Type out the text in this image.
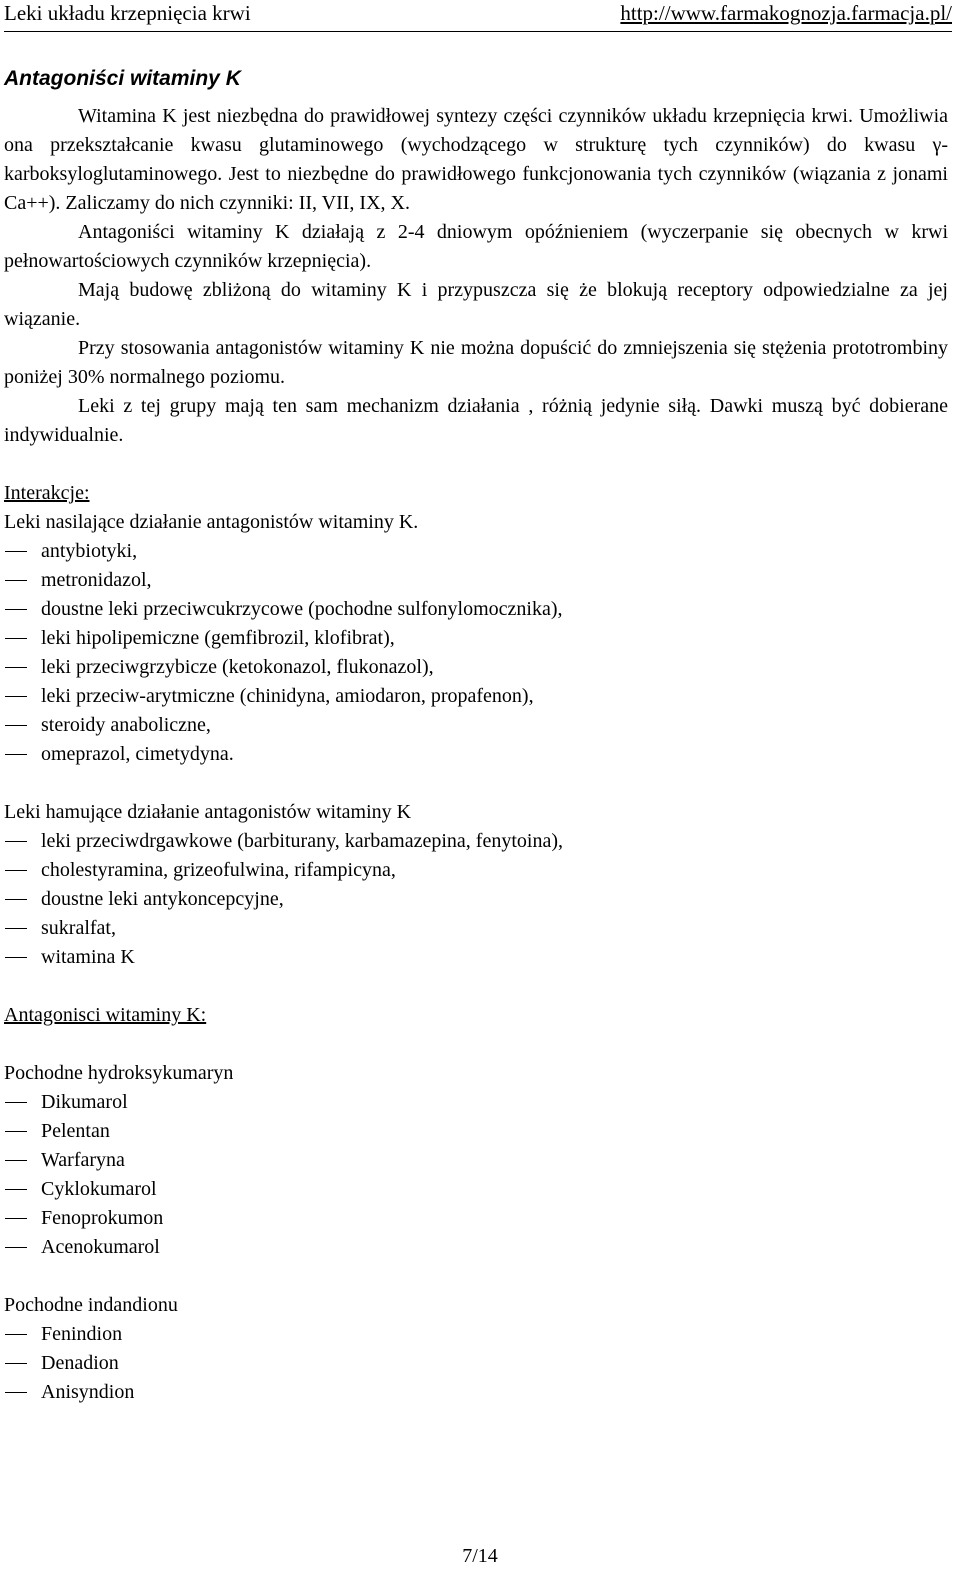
Leki układu krzepnięcia krwi	http://www.farmakognozja.farmacja.pl/
Antagoniści witaminy K

Witamina K jest niezbędna do prawidłowej syntezy części czynników układu krzepnięcia krwi. Umożliwia ona przekształcanie kwasu glutaminowego (wychodzącego w strukturę tych czynników) do kwasu γ-karboksyloglutaminowego. Jest to niezbędne do prawidłowego funkcjonowania tych czynników (wiązania z jonami Ca++). Zaliczamy do nich czynniki: II, VII, IX, X.

Antagoniści witaminy K działają z 2-4 dniowym opóźnieniem (wyczerpanie się obecnych w krwi pełnowartościowych czynników krzepnięcia).

Mają budowę zbliżoną do witaminy K i przypuszcza się że blokują receptory odpowiedzialne za jej wiązanie.

Przy stosowania antagonistów witaminy K nie można dopuścić do zmniejszenia się stężenia prototrombiny poniżej 30% normalnego poziomu.

Leki z tej grupy mają ten sam mechanizm działania , różnią jedynie siłą. Dawki muszą być dobierane indywidualnie.

Interakcje:
Leki nasilające działanie antagonistów witaminy K.
antybiotyki,
metronidazol,
doustne leki przeciwcukrzycowe (pochodne sulfonylomocznika),
leki hipolipemiczne (gemfibrozil, klofibrat),
leki przeciwgrzybicze (ketokonazol, flukonazol),
leki przeciw-arytmiczne (chinidyna, amiodaron, propafenon),
steroidy anaboliczne,
omeprazol, cimetydyna.
Leki hamujące działanie antagonistów witaminy K
leki przeciwdrgawkowe (barbiturany, karbamazepina, fenytoina),
cholestyramina, grizeofulwina, rifampicyna,
doustne leki antykoncepcyjne,
sukralfat,
witamina K
Antagonisci witaminy K:
Pochodne hydroksykumaryn
Dikumarol
Pelentan
Warfaryna
Cyklokumarol
Fenoprokumon
Acenokumarol
Pochodne indandionu
Fenindion
Denadion
Anisyndion
7/14
